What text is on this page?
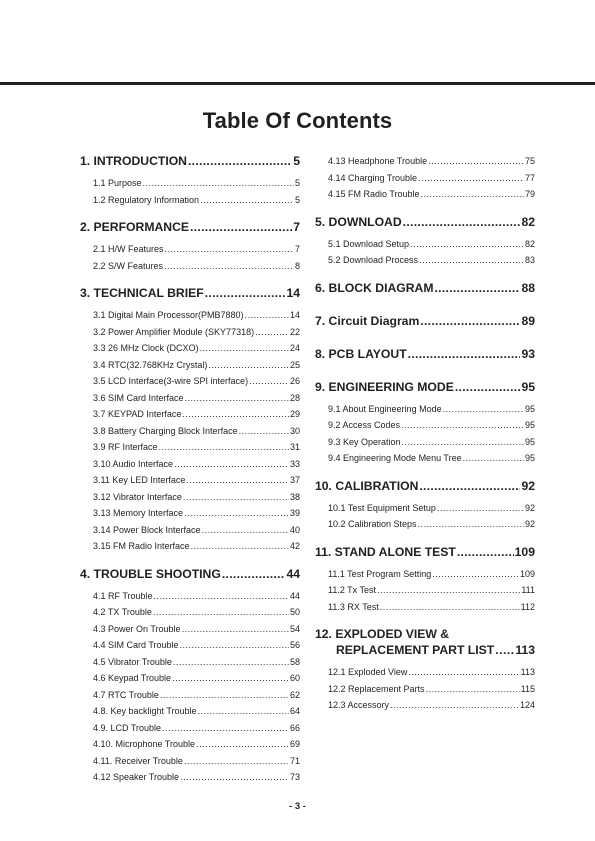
Table Of Contents
1. INTRODUCTION .....	5
1.1 Purpose .....	5
1.2 Regulatory Information .....	5
2. PERFORMANCE .....	7
2.1 H/W Features .....	7
2.2 S/W Features .....	8
3. TECHNICAL BRIEF .....	14
3.1 Digital Main Processor(PMB7880) .....	14
3.2 Power Amplifier Module (SKY77318) .....	22
3.3 26 MHz Clock (DCXO) .....	24
3.4 RTC(32.768KHz Crystal) .....	25
3.5 LCD Interface(3-wire SPI interface) .....	26
3.6 SIM Card Interface .....	28
3.7 KEYPAD Interface .....	29
3.8 Battery Charging Block Interface .....	30
3.9 RF Interface .....	31
3.10 Audio Interface .....	33
3.11 Key LED Interface .....	37
3.12 Vibrator Interface .....	38
3.13 Memory Interface .....	39
3.14 Power Block Interface .....	40
3.15 FM Radio Interface .....	42
4. TROUBLE SHOOTING .....	44
4.1 RF Trouble .....	44
4.2 TX Trouble .....	50
4.3 Power On Trouble .....	54
4.4 SIM Card Trouble .....	56
4.5 Vibrator Trouble .....	58
4.6 Keypad Trouble .....	60
4.7 RTC Trouble .....	62
4.8. Key backlight Trouble .....	64
4.9. LCD Trouble .....	66
4.10. Microphone Trouble .....	69
4.11. Receiver Trouble .....	71
4.12 Speaker Trouble .....	73
4.13 Headphone Trouble .....	75
4.14 Charging Trouble .....	77
4.15 FM Radio Trouble .....	79
5. DOWNLOAD .....	82
5.1 Download Setup .....	82
5.2 Download Process .....	83
6. BLOCK DIAGRAM .....	88
7. Circuit Diagram .....	89
8. PCB LAYOUT .....	93
9. ENGINEERING MODE .....	95
9.1 About Engineering Mode .....	95
9.2 Access Codes .....	95
9.3 Key Operation .....	95
9.4 Engineering Mode Menu Tree .....	95
10. CALIBRATION .....	92
10.1 Test Equipment Setup .....	92
10.2 Calibration Steps .....	92
11. STAND ALONE TEST .....	109
11.1 Test Program Setting .....	109
11.2 Tx Test .....	111
11.3 RX Test .....	112
12. EXPLODED VIEW &
REPLACEMENT PART LIST ..... 113
12.1 Exploded View .....	113
12.2 Replacement Parts .....	115
12.3 Accessory .....	124
- 3 -
